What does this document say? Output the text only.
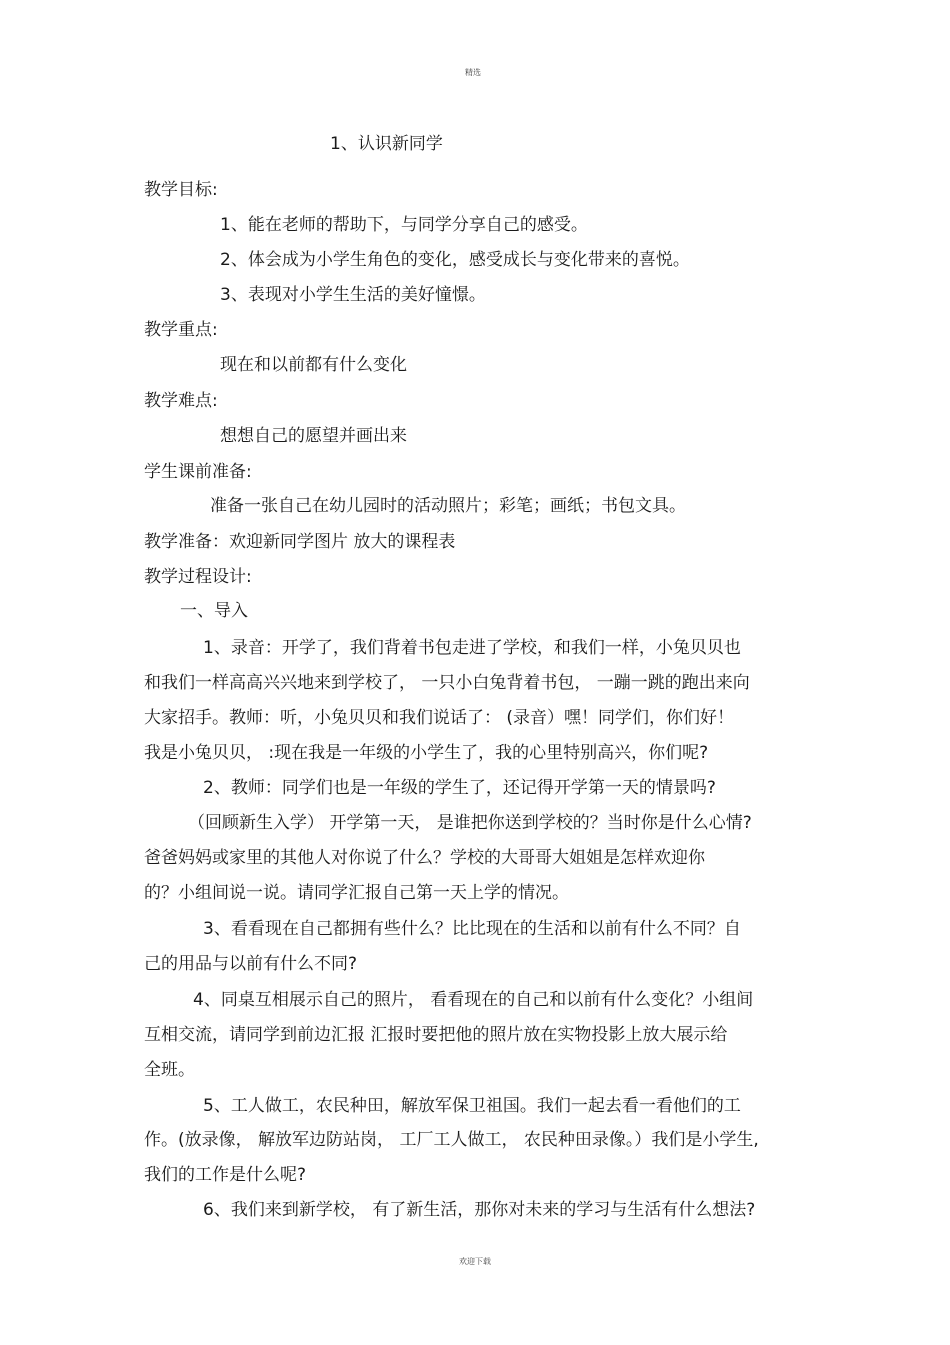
精选
1、认识新同学
教学目标:
1、能在老师的帮助下，与同学分享自己的感受。
2、体会成为小学生角色的变化，感受成长与变化带来的喜悦。
3、表现对小学生生活的美好憧憬。
教学重点:
现在和以前都有什么变化
教学难点:
想想自己的愿望并画出来
学生课前准备:
准备一张自己在幼儿园时的活动照片；彩笔；画纸；书包文具。
教学准备：欢迎新同学图片 放大的课程表
教学过程设计:
一、导入
1、录音：开学了，我们背着书包走进了学校，和我们一样，小兔贝贝也
和我们一样高高兴兴地来到学校了， 一只小白兔背着书包， 一蹦一跳的跑出来向
大家招手。教师：听，小兔贝贝和我们说话了： (录音）嘿！同学们，你们好！
我是小兔贝贝， :现在我是一年级的小学生了，我的心里特别高兴，你们呢?
2、教师：同学们也是一年级的学生了，还记得开学第一天的情景吗?
（回顾新生入学） 开学第一天， 是谁把你送到学校的？当时你是什么心情?
爸爸妈妈或家里的其他人对你说了什么？学校的大哥哥大姐姐是怎样欢迎你
的？小组间说一说。请同学汇报自己第一天上学的情况。
3、看看现在自己都拥有些什么？比比现在的生活和以前有什么不同？自
己的用品与以前有什么不同?
4、同桌互相展示自己的照片， 看看现在的自己和以前有什么变化？小组间
互相交流，请同学到前边汇报 汇报时要把他的照片放在实物投影上放大展示给
全班。
5、工人做工，农民种田，解放军保卫祖国。我们一起去看一看他们的工
作。(放录像， 解放军边防站岗， 工厂工人做工， 农民种田录像。）我们是小学生,
我们的工作是什么呢?
6、我们来到新学校， 有了新生活，那你对未来的学习与生活有什么想法?
欢迎下载
